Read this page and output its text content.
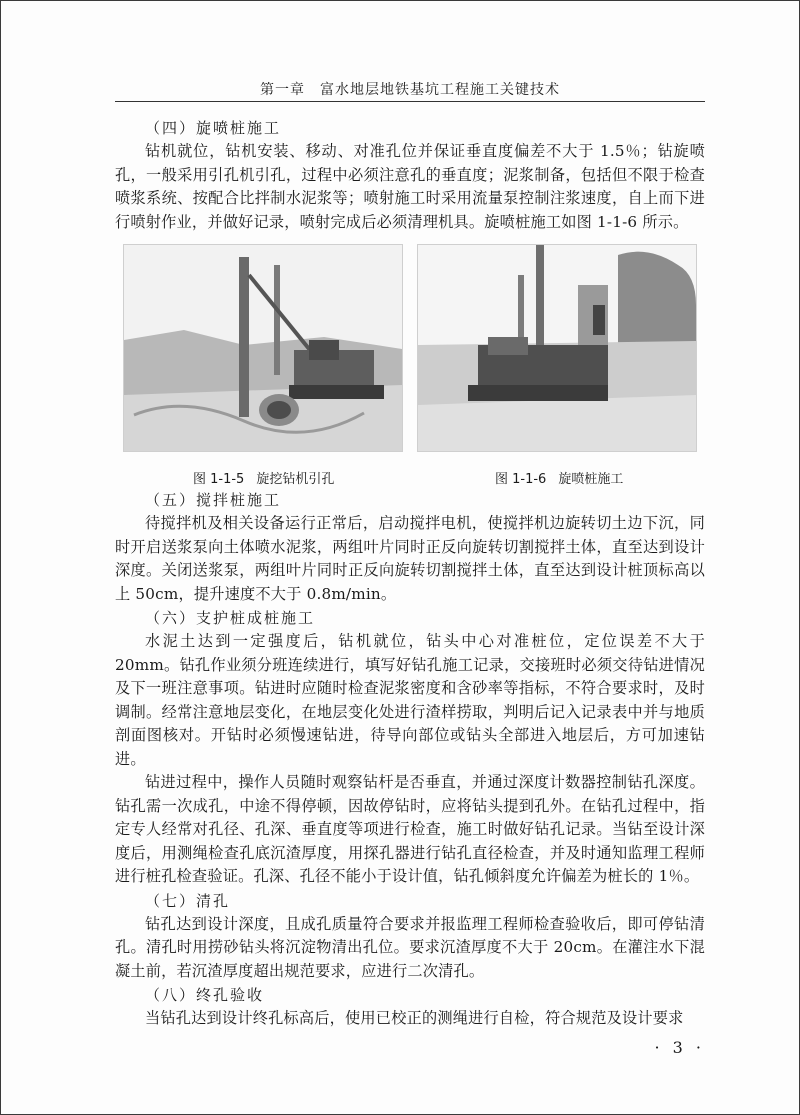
第一章　富水地层地铁基坑工程施工关键技术
（四）旋喷桩施工

钻机就位，钻机安装、移动、对准孔位并保证垂直度偏差不大于 1.5％；钻旋喷孔，一般采用引孔机引孔，过程中必须注意孔的垂直度；泥浆制备，包括但不限于检查喷浆系统、按配合比拌制水泥浆等；喷射施工时采用流量泵控制注浆速度，自上而下进行喷射作业，并做好记录，喷射完成后必须清理机具。旋喷桩施工如图 1-1-6 所示。

图 1-1-5 旋挖钻机引孔	图 1-1-6 旋喷桩施工
（五）搅拌桩施工

待搅拌机及相关设备运行正常后，启动搅拌电机，使搅拌机边旋转切土边下沉，同时开启送浆泵向土体喷水泥浆，两组叶片同时正反向旋转切割搅拌土体，直至达到设计深度。关闭送浆泵，两组叶片同时正反向旋转切割搅拌土体，直至达到设计桩顶标高以上 50cm，提升速度不大于 0.8m/min。

（六）支护桩成桩施工

水泥土达到一定强度后，钻机就位，钻头中心对准桩位，定位误差不大于 20mm。钻孔作业须分班连续进行，填写好钻孔施工记录，交接班时必须交待钻进情况及下一班注意事项。钻进时应随时检查泥浆密度和含砂率等指标，不符合要求时，及时调制。经常注意地层变化，在地层变化处进行渣样捞取，判明后记入记录表中并与地质剖面图核对。开钻时必须慢速钻进，待导向部位或钻头全部进入地层后，方可加速钻进。

钻进过程中，操作人员随时观察钻杆是否垂直，并通过深度计数器控制钻孔深度。钻孔需一次成孔，中途不得停顿，因故停钻时，应将钻头提到孔外。在钻孔过程中，指定专人经常对孔径、孔深、垂直度等项进行检查，施工时做好钻孔记录。当钻至设计深度后，用测绳检查孔底沉渣厚度，用探孔器进行钻孔直径检查，并及时通知监理工程师进行桩孔检查验证。孔深、孔径不能小于设计值，钻孔倾斜度允许偏差为桩长的 1％。

（七）清孔

钻孔达到设计深度，且成孔质量符合要求并报监理工程师检查验收后，即可停钻清孔。清孔时用捞砂钻头将沉淀物清出孔位。要求沉渣厚度不大于 20cm。在灌注水下混凝土前，若沉渣厚度超出规范要求，应进行二次清孔。

（八）终孔验收

当钻孔达到设计终孔标高后，使用已校正的测绳进行自检，符合规范及设计要求

· 3 ·
